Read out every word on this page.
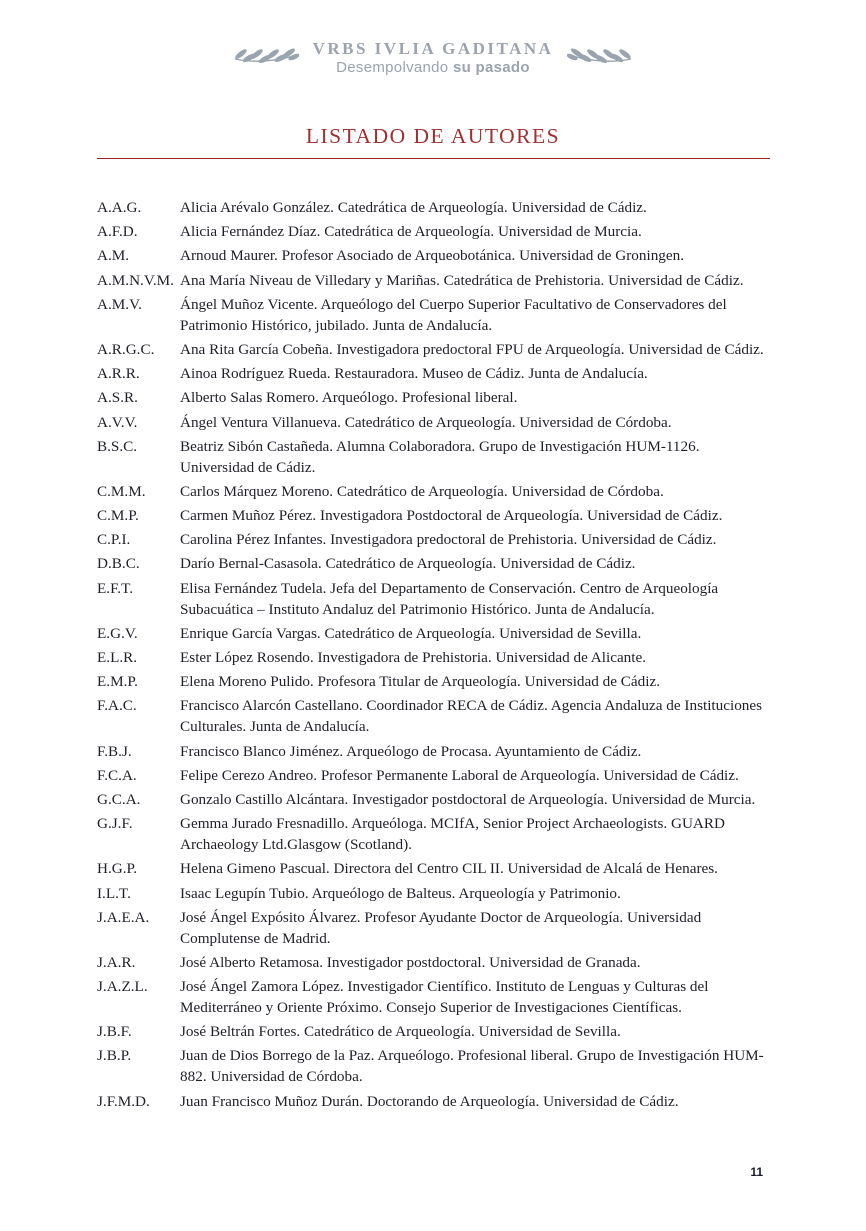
VRBS IVLIA GADITANA
Desempolvando su pasado
LISTADO DE AUTORES
A.A.G.	Alicia Arévalo González. Catedrática de Arqueología. Universidad de Cádiz.
A.F.D.	Alicia Fernández Díaz. Catedrática de Arqueología. Universidad de Murcia.
A.M.	Arnoud Maurer. Profesor Asociado de Arqueobotánica. Universidad de Groningen.
A.M.N.V.M. Ana María Niveau de Villedary y Mariñas. Catedrática de Prehistoria. Universidad de Cádiz.
A.M.V.	Ángel Muñoz Vicente. Arqueólogo del Cuerpo Superior Facultativo de Conservadores del Patrimonio Histórico, jubilado. Junta de Andalucía.
A.R.G.C.	Ana Rita García Cobeña. Investigadora predoctoral FPU de Arqueología. Universidad de Cádiz.
A.R.R.	Ainoa Rodríguez Rueda. Restauradora. Museo de Cádiz. Junta de Andalucía.
A.S.R.	Alberto Salas Romero. Arqueólogo. Profesional liberal.
A.V.V.	Ángel Ventura Villanueva. Catedrático de Arqueología. Universidad de Córdoba.
B.S.C.	Beatriz Sibón Castañeda. Alumna Colaboradora. Grupo de Investigación HUM-1126. Universidad de Cádiz.
C.M.M.	Carlos Márquez Moreno. Catedrático de Arqueología. Universidad de Córdoba.
C.M.P.	Carmen Muñoz Pérez. Investigadora Postdoctoral de Arqueología. Universidad de Cádiz.
C.P.I.	Carolina Pérez Infantes. Investigadora predoctoral de Prehistoria. Universidad de Cádiz.
D.B.C.	Darío Bernal-Casasola. Catedrático de Arqueología. Universidad de Cádiz.
E.F.T.	Elisa Fernández Tudela. Jefa del Departamento de Conservación. Centro de Arqueología Subacuática – Instituto Andaluz del Patrimonio Histórico. Junta de Andalucía.
E.G.V.	Enrique García Vargas. Catedrático de Arqueología. Universidad de Sevilla.
E.L.R.	Ester López Rosendo. Investigadora de Prehistoria. Universidad de Alicante.
E.M.P.	Elena Moreno Pulido. Profesora Titular de Arqueología. Universidad de Cádiz.
F.A.C.	Francisco Alarcón Castellano. Coordinador RECA de Cádiz. Agencia Andaluza de Instituciones Culturales. Junta de Andalucía.
F.B.J.	Francisco Blanco Jiménez. Arqueólogo de Procasa. Ayuntamiento de Cádiz.
F.C.A.	Felipe Cerezo Andreo. Profesor Permanente Laboral de Arqueología. Universidad de Cádiz.
G.C.A.	Gonzalo Castillo Alcántara. Investigador postdoctoral de Arqueología. Universidad de Murcia.
G.J.F.	Gemma Jurado Fresnadillo. Arqueóloga. MCIfA, Senior Project Archaeologists. GUARD Archaeology Ltd.Glasgow (Scotland).
H.G.P.	Helena Gimeno Pascual. Directora del Centro CIL II. Universidad de Alcalá de Henares.
I.L.T.	Isaac Legupín Tubio. Arqueólogo de Balteus. Arqueología y Patrimonio.
J.A.E.A.	José Ángel Expósito Álvarez. Profesor Ayudante Doctor de Arqueología. Universidad Complutense de Madrid.
J.A.R.	José Alberto Retamosa. Investigador postdoctoral. Universidad de Granada.
J.A.Z.L.	José Ángel Zamora López. Investigador Científico. Instituto de Lenguas y Culturas del Mediterráneo y Oriente Próximo. Consejo Superior de Investigaciones Científicas.
J.B.F.	José Beltrán Fortes. Catedrático de Arqueología. Universidad de Sevilla.
J.B.P.	Juan de Dios Borrego de la Paz. Arqueólogo. Profesional liberal. Grupo de Investigación HUM-882. Universidad de Córdoba.
J.F.M.D.	Juan Francisco Muñoz Durán. Doctorando de Arqueología. Universidad de Cádiz.
11
